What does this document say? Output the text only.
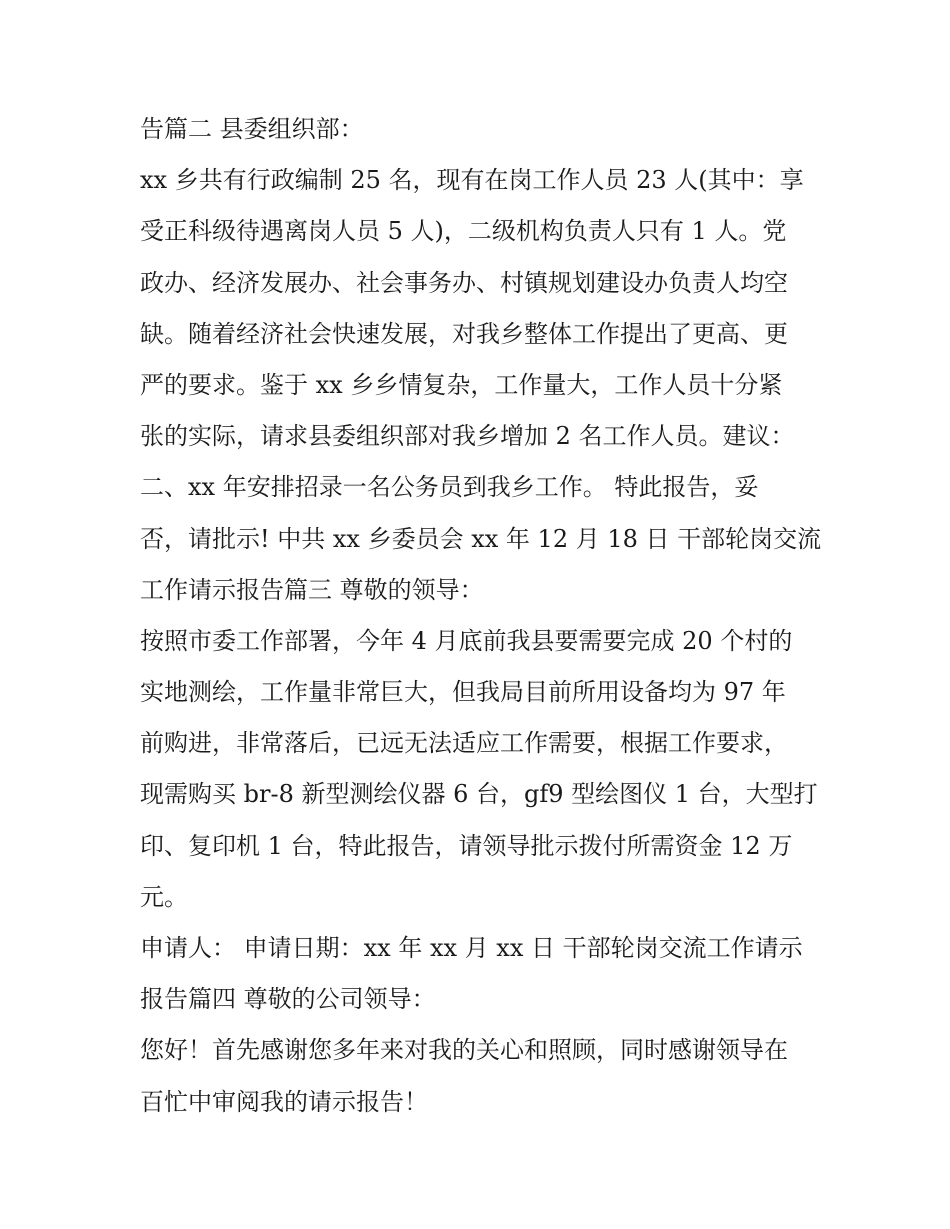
告篇二 县委组织部：
xx 乡共有行政编制 25 名，现有在岗工作人员 23 人(其中：享
受正科级待遇离岗人员 5 人)，二级机构负责人只有 1 人。党
政办、经济发展办、社会事务办、村镇规划建设办负责人均空
缺。随着经济社会快速发展，对我乡整体工作提出了更高、更
严的要求。鉴于 xx 乡乡情复杂，工作量大，工作人员十分紧
张的实际，请求县委组织部对我乡增加 2 名工作人员。建议：
二、xx 年安排招录一名公务员到我乡工作。 特此报告，妥
否，请批示! 中共 xx 乡委员会 xx 年 12 月 18 日 干部轮岗交流
工作请示报告篇三 尊敬的领导：
按照市委工作部署，今年 4 月底前我县要需要完成 20 个村的
实地测绘，工作量非常巨大，但我局目前所用设备均为 97 年
前购进，非常落后，已远无法适应工作需要，根据工作要求，
现需购买 br-8 新型测绘仪器 6 台，gf9 型绘图仪 1 台，大型打
印、复印机 1 台，特此报告，请领导批示拨付所需资金 12 万
元。
申请人： 申请日期：xx 年 xx 月 xx 日 干部轮岗交流工作请示
报告篇四 尊敬的公司领导：
您好！首先感谢您多年来对我的关心和照顾，同时感谢领导在
百忙中审阅我的请示报告！
